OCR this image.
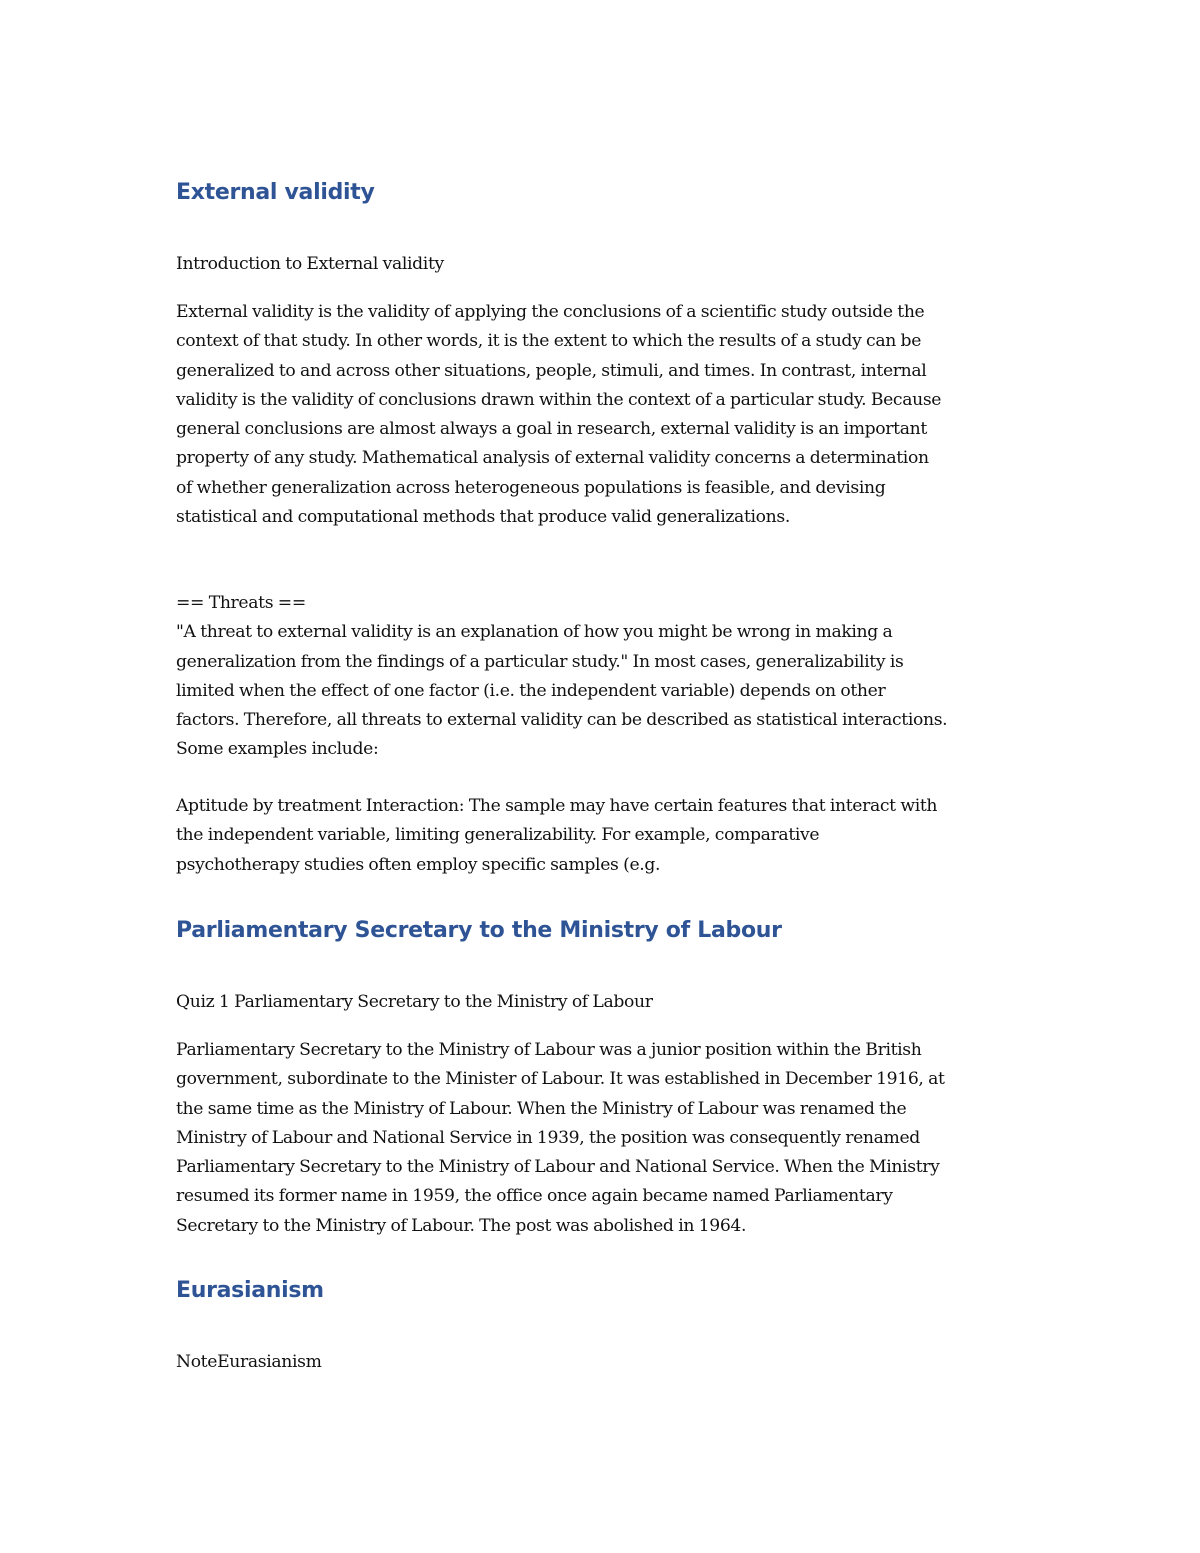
External validity

Introduction to External validity

External validity is the validity of applying the conclusions of a scientific study outside the
context of that study. In other words, it is the extent to which the results of a study can be
generalized to and across other situations, people, stimuli, and times. In contrast, internal
validity is the validity of conclusions drawn within the context of a particular study. Because
general conclusions are almost always a goal in research, external validity is an important
property of any study. Mathematical analysis of external validity concerns a determination
of whether generalization across heterogeneous populations is feasible, and devising
statistical and computational methods that produce valid generalizations.

== Threats ==
"A threat to external validity is an explanation of how you might be wrong in making a
generalization from the findings of a particular study." In most cases, generalizability is
limited when the effect of one factor (i.e. the independent variable) depends on other
factors. Therefore, all threats to external validity can be described as statistical interactions.
Some examples include:

Aptitude by treatment Interaction: The sample may have certain features that interact with
the independent variable, limiting generalizability. For example, comparative
psychotherapy studies often employ specific samples (e.g.

Parliamentary Secretary to the Ministry of Labour

Quiz 1 Parliamentary Secretary to the Ministry of Labour

Parliamentary Secretary to the Ministry of Labour was a junior position within the British
government, subordinate to the Minister of Labour. It was established in December 1916, at
the same time as the Ministry of Labour. When the Ministry of Labour was renamed the
Ministry of Labour and National Service in 1939, the position was consequently renamed
Parliamentary Secretary to the Ministry of Labour and National Service. When the Ministry
resumed its former name in 1959, the office once again became named Parliamentary
Secretary to the Ministry of Labour. The post was abolished in 1964.

Eurasianism

NoteEurasianism
